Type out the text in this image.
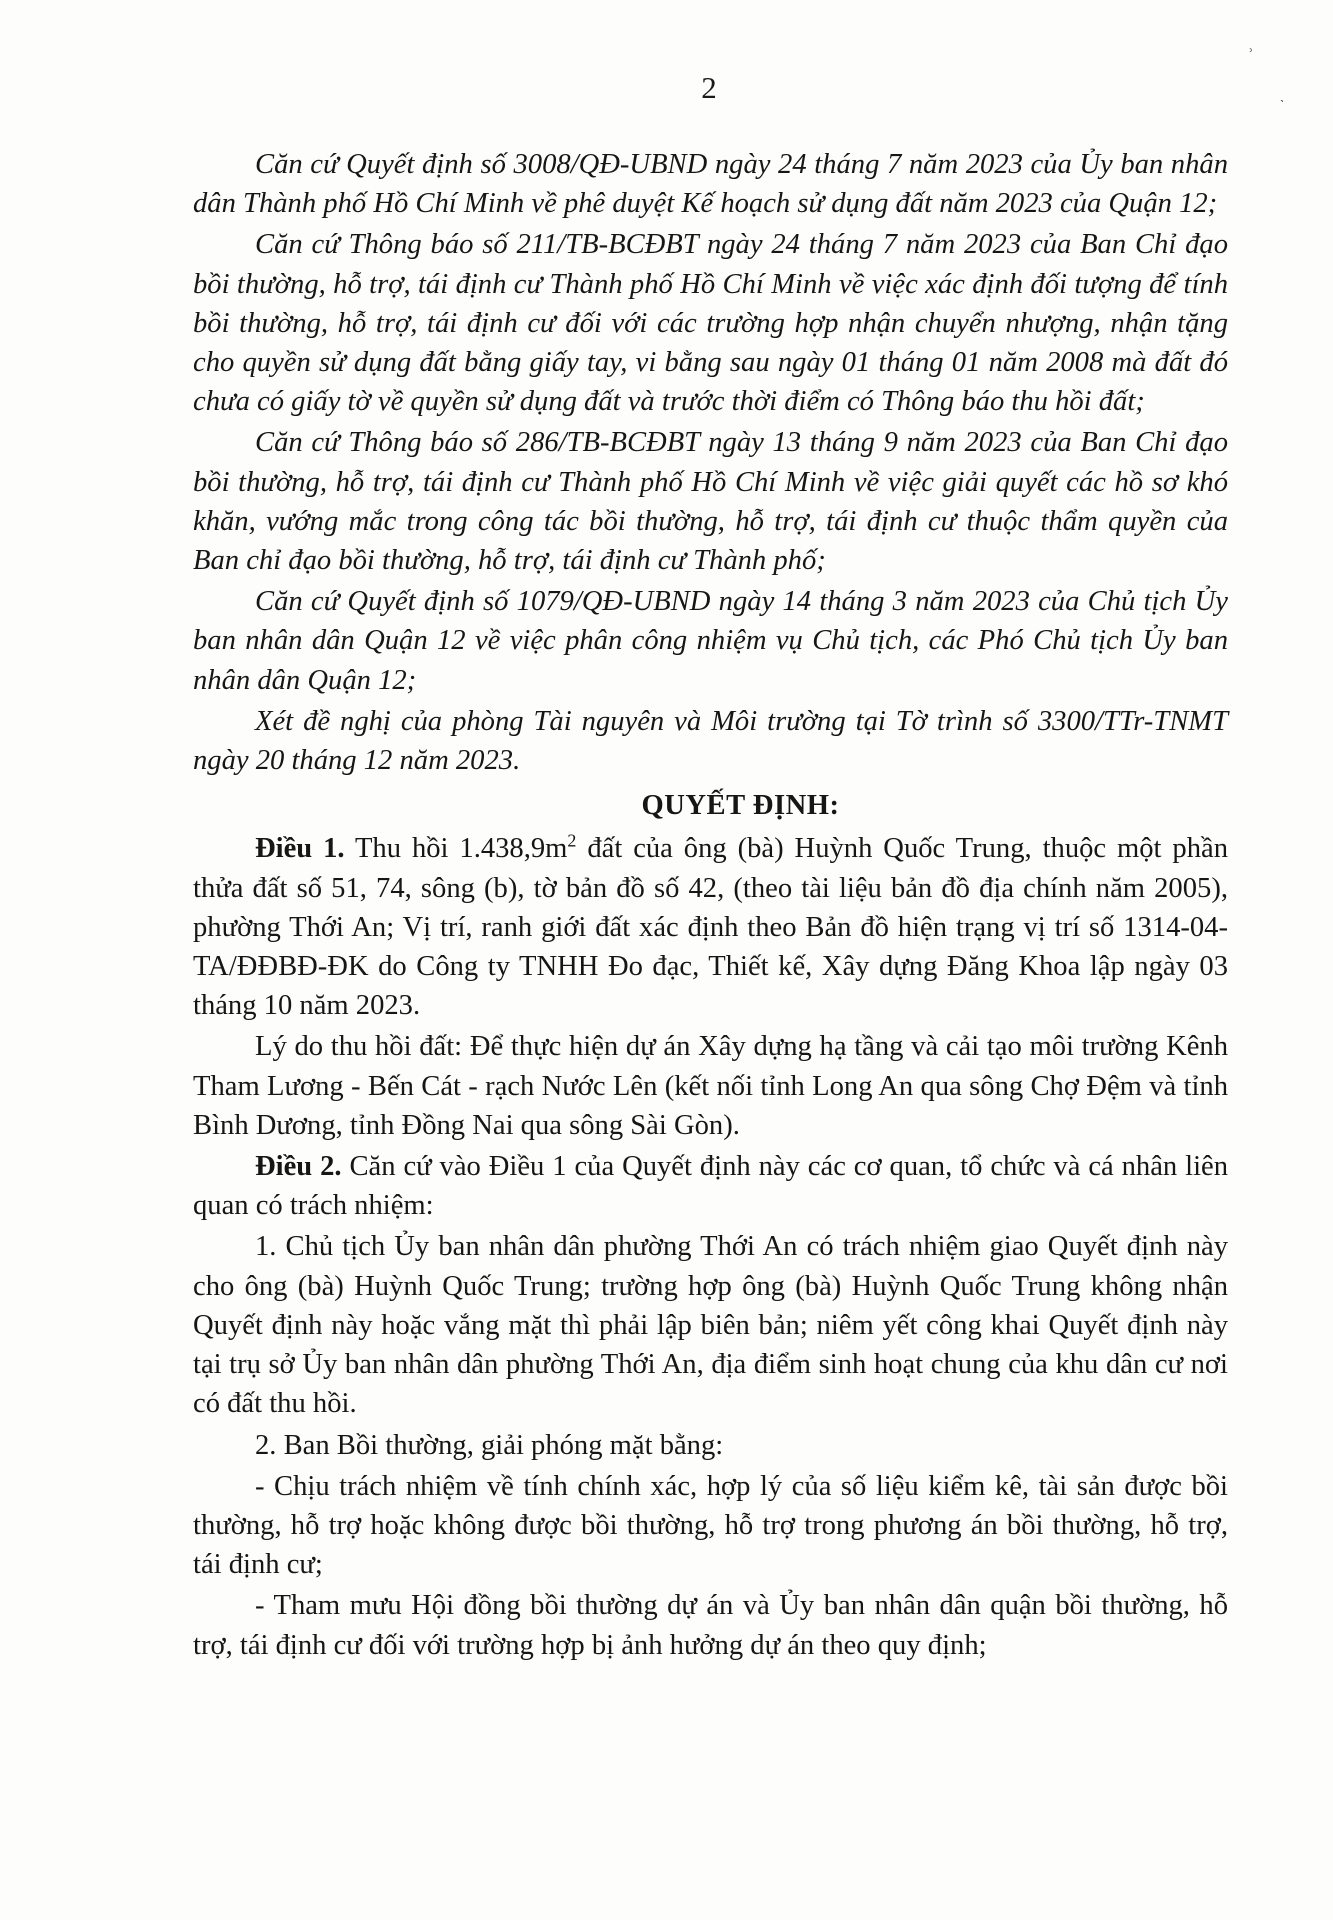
⸒
ˎ
2

Căn cứ Quyết định số 3008/QĐ-UBND ngày 24 tháng 7 năm 2023 của Ủy ban nhân dân Thành phố Hồ Chí Minh về phê duyệt Kế hoạch sử dụng đất năm 2023 của Quận 12;

Căn cứ Thông báo số 211/TB-BCĐBT ngày 24 tháng 7 năm 2023 của Ban Chỉ đạo bồi thường, hỗ trợ, tái định cư Thành phố Hồ Chí Minh về việc xác định đối tượng để tính bồi thường, hỗ trợ, tái định cư đối với các trường hợp nhận chuyển nhượng, nhận tặng cho quyền sử dụng đất bằng giấy tay, vi bằng sau ngày 01 tháng 01 năm 2008 mà đất đó chưa có giấy tờ về quyền sử dụng đất và trước thời điểm có Thông báo thu hồi đất;

Căn cứ Thông báo số 286/TB-BCĐBT ngày 13 tháng 9 năm 2023 của Ban Chỉ đạo bồi thường, hỗ trợ, tái định cư Thành phố Hồ Chí Minh về việc giải quyết các hồ sơ khó khăn, vướng mắc trong công tác bồi thường, hỗ trợ, tái định cư thuộc thẩm quyền của Ban chỉ đạo bồi thường, hỗ trợ, tái định cư Thành phố;

Căn cứ Quyết định số 1079/QĐ-UBND ngày 14 tháng 3 năm 2023 của Chủ tịch Ủy ban nhân dân Quận 12 về việc phân công nhiệm vụ Chủ tịch, các Phó Chủ tịch Ủy ban nhân dân Quận 12;

Xét đề nghị của phòng Tài nguyên và Môi trường tại Tờ trình số 3300/TTr-TNMT ngày 20 tháng 12 năm 2023.

QUYẾT ĐỊNH:

Điều 1. Thu hồi $1.438,9m^2$ đất của ông (bà) Huỳnh Quốc Trung, thuộc một phần thửa đất số 51, 74, sông (b), tờ bản đồ số 42, (theo tài liệu bản đồ địa chính năm 2005), phường Thới An; Vị trí, ranh giới đất xác định theo Bản đồ hiện trạng vị trí số 1314-04-TA/ĐĐBĐ-ĐK do Công ty TNHH Đo đạc, Thiết kế, Xây dựng Đăng Khoa lập ngày 03 tháng 10 năm 2023.

Lý do thu hồi đất: Để thực hiện dự án Xây dựng hạ tầng và cải tạo môi trường Kênh Tham Lương - Bến Cát - rạch Nước Lên (kết nối tỉnh Long An qua sông Chợ Đệm và tỉnh Bình Dương, tỉnh Đồng Nai qua sông Sài Gòn).

Điều 2. Căn cứ vào Điều 1 của Quyết định này các cơ quan, tổ chức và cá nhân liên quan có trách nhiệm:

1. Chủ tịch Ủy ban nhân dân phường Thới An có trách nhiệm giao Quyết định này cho ông (bà) Huỳnh Quốc Trung; trường hợp ông (bà) Huỳnh Quốc Trung không nhận Quyết định này hoặc vắng mặt thì phải lập biên bản; niêm yết công khai Quyết định này tại trụ sở Ủy ban nhân dân phường Thới An, địa điểm sinh hoạt chung của khu dân cư nơi có đất thu hồi.

2. Ban Bồi thường, giải phóng mặt bằng:

- Chịu trách nhiệm về tính chính xác, hợp lý của số liệu kiểm kê, tài sản được bồi thường, hỗ trợ hoặc không được bồi thường, hỗ trợ trong phương án bồi thường, hỗ trợ, tái định cư;

- Tham mưu Hội đồng bồi thường dự án và Ủy ban nhân dân quận bồi thường, hỗ trợ, tái định cư đối với trường hợp bị ảnh hưởng dự án theo quy định;
